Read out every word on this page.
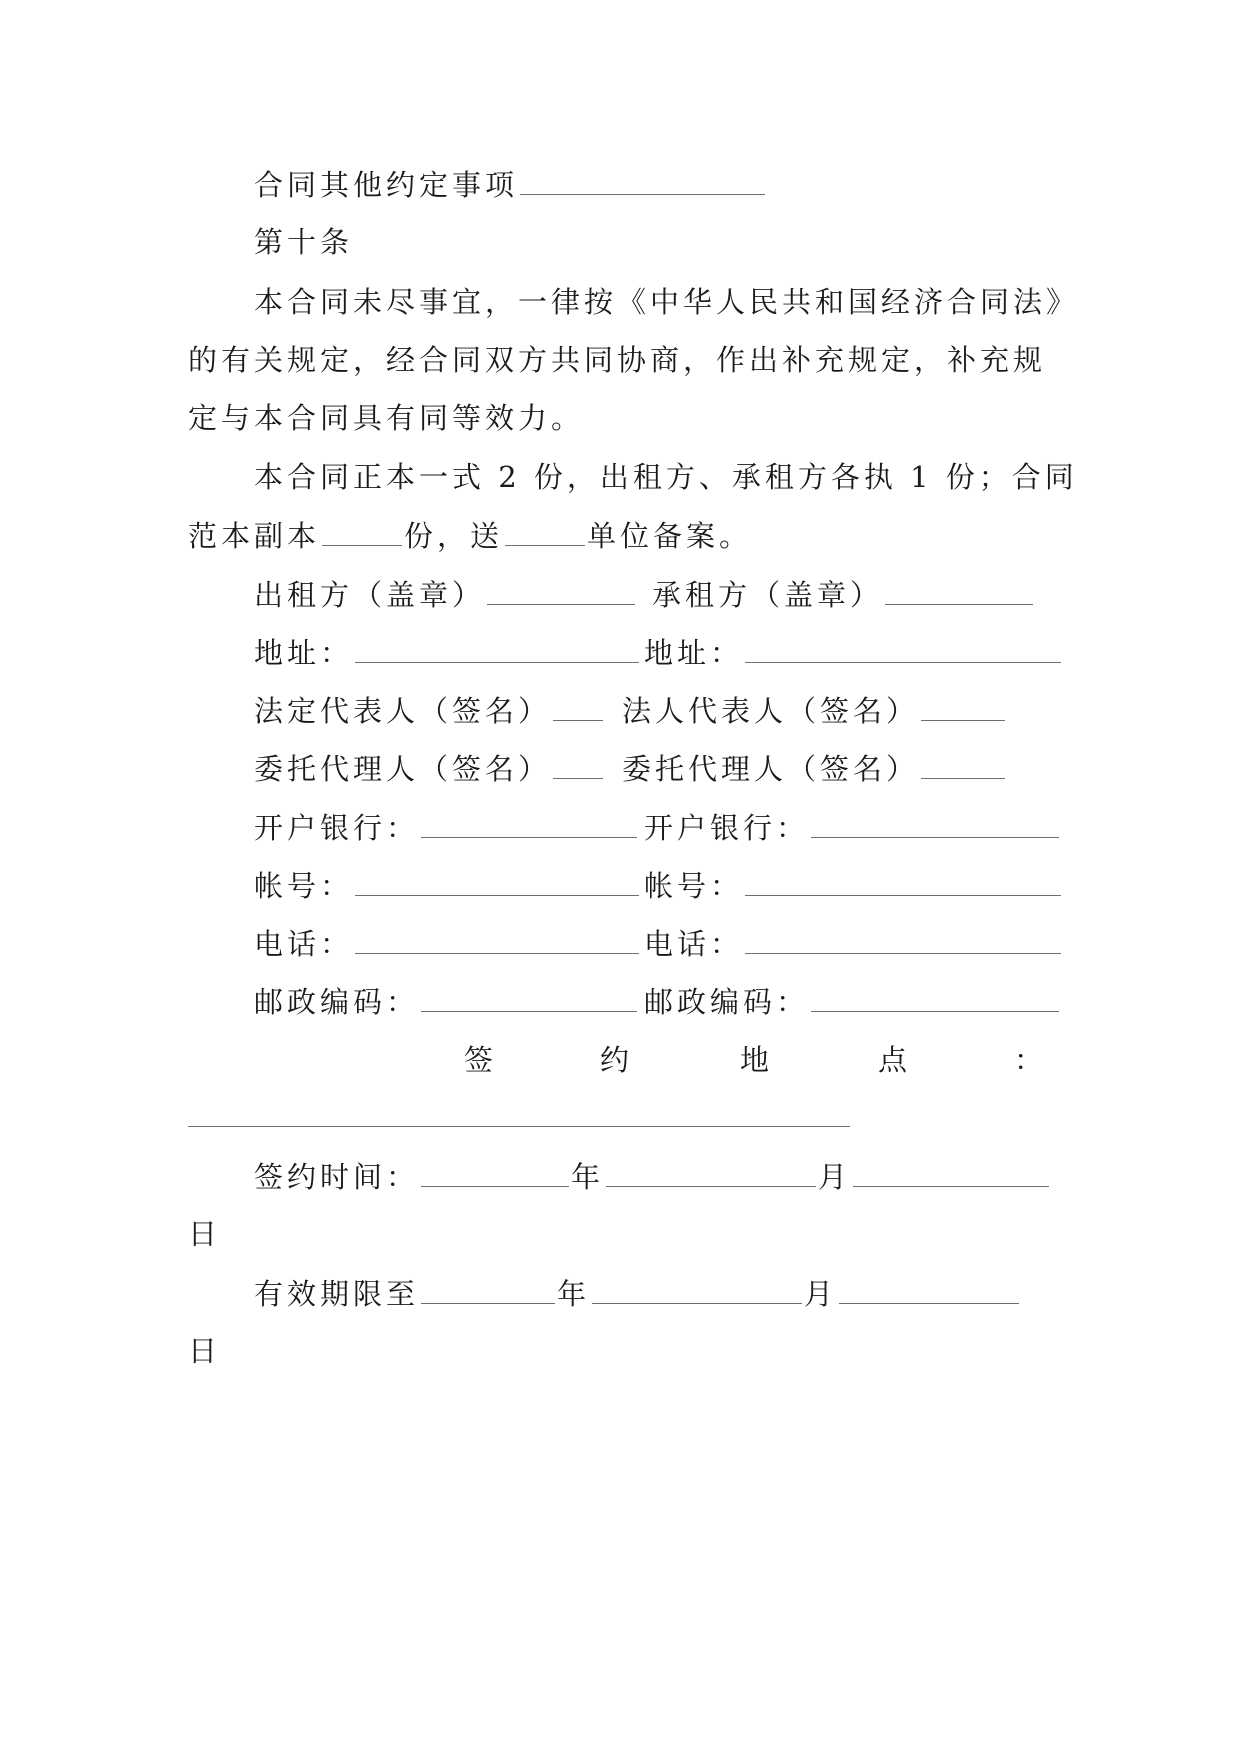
合同其他约定事项
第十条
本合同未尽事宜，一律按《中华人民共和国经济合同法》
的有关规定，经合同双方共同协商，作出补充规定，补充规
定与本合同具有同等效力。
本合同正本一式 2 份，出租方、承租方各执 1 份；合同
范本副本	份，送	单位备案。
出租方（盖章）	承租方（盖章）
地址：	地址：
法定代表人（签名）	法人代表人（签名）
委托代理人（签名）	委托代理人（签名）
开户银行：	开户银行：
帐号：	帐号：
电话：	电话：
邮政编码：	邮政编码：
签	约	地	点	：
签约时间：	年	月
日
有效期限至	年	月
日
